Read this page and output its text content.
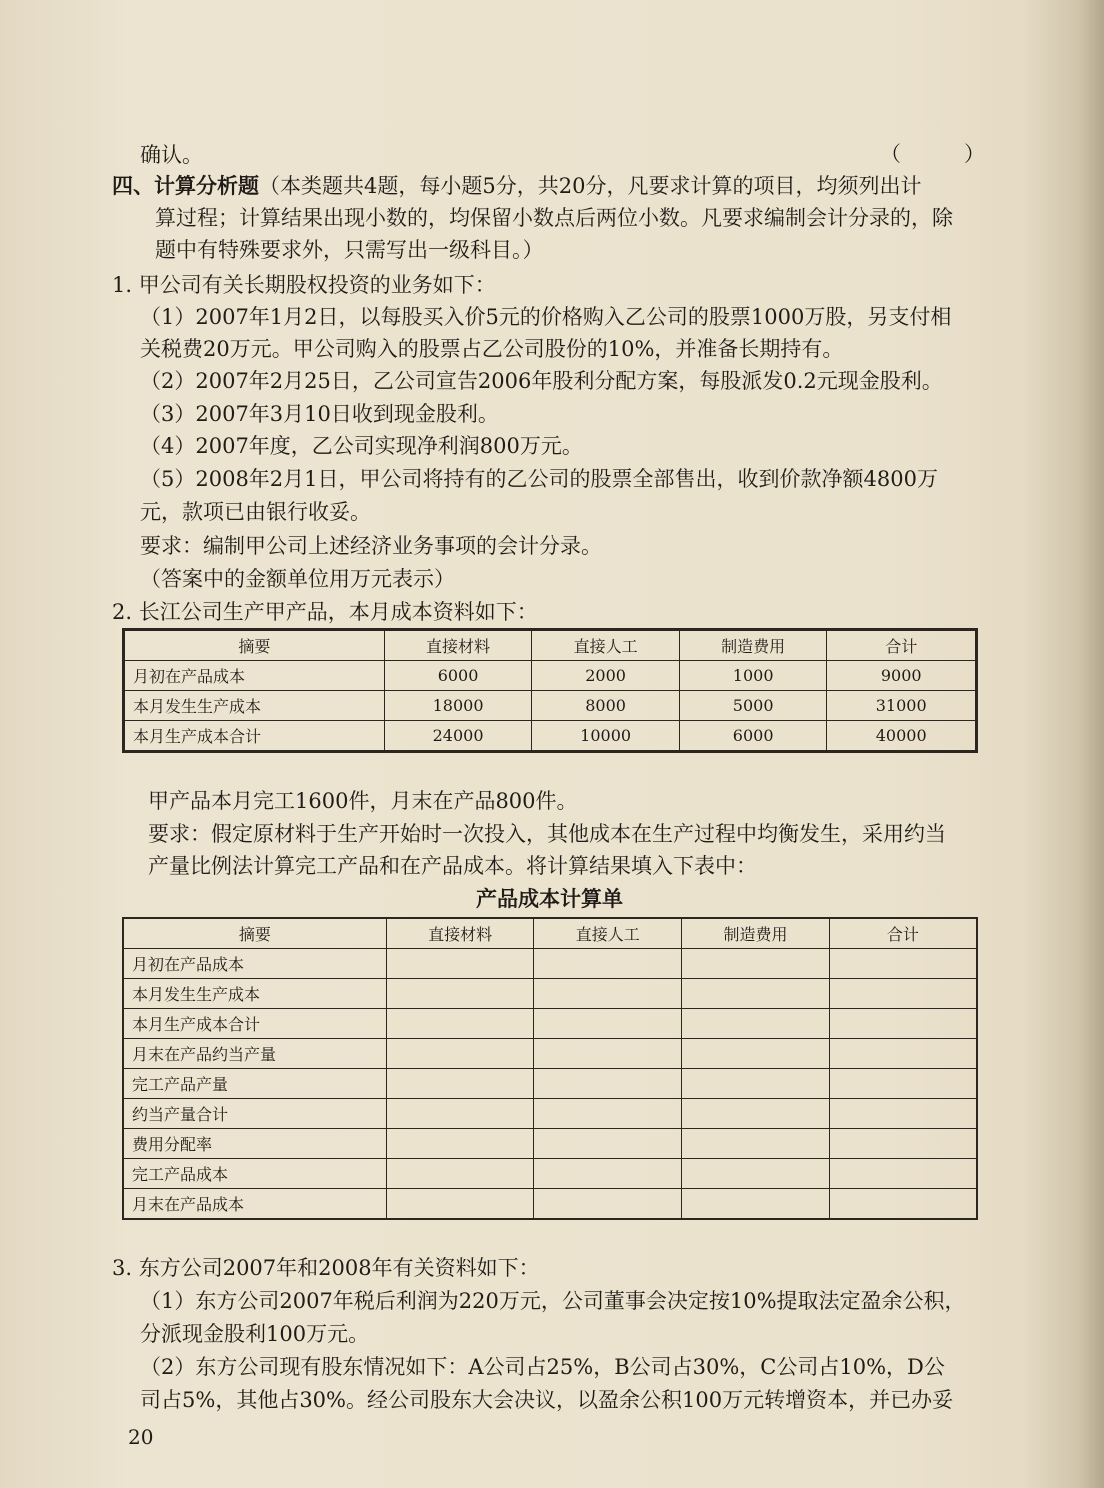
确认。	（　　　）
四、计算分析题（本类题共4题，每小题5分，共20分，凡要求计算的项目，均须列出计
算过程；计算结果出现小数的，均保留小数点后两位小数。凡要求编制会计分录的，除
题中有特殊要求外，只需写出一级科目。）
1. 甲公司有关长期股权投资的业务如下：
（1）2007年1月2日，以每股买入价5元的价格购入乙公司的股票1000万股，另支付相
关税费20万元。甲公司购入的股票占乙公司股份的10%，并准备长期持有。
（2）2007年2月25日，乙公司宣告2006年股利分配方案，每股派发0.2元现金股利。
（3）2007年3月10日收到现金股利。
（4）2007年度，乙公司实现净利润800万元。
（5）2008年2月1日，甲公司将持有的乙公司的股票全部售出，收到价款净额4800万
元，款项已由银行收妥。
要求：编制甲公司上述经济业务事项的会计分录。
（答案中的金额单位用万元表示）
2. 长江公司生产甲产品，本月成本资料如下：
摘要	直接材料	直接人工	制造费用	合计
月初在产品成本	6000	2000	1000	9000
本月发生生产成本	18000	8000	5000	31000
本月生产成本合计	24000	10000	6000	40000
甲产品本月完工1600件，月末在产品800件。
要求：假定原材料于生产开始时一次投入，其他成本在生产过程中均衡发生，采用约当
产量比例法计算完工产品和在产品成本。将计算结果填入下表中：
产品成本计算单
摘要	直接材料	直接人工	制造费用	合计
月初在产品成本				
本月发生生产成本				
本月生产成本合计				
月末在产品约当产量				
完工产品产量				
约当产量合计				
费用分配率				
完工产品成本				
月末在产品成本				
3. 东方公司2007年和2008年有关资料如下：
（1）东方公司2007年税后利润为220万元，公司董事会决定按10%提取法定盈余公积，
分派现金股利100万元。
（2）东方公司现有股东情况如下：A公司占25%，B公司占30%，C公司占10%，D公
司占5%，其他占30%。经公司股东大会决议，以盈余公积100万元转增资本，并已办妥
20
